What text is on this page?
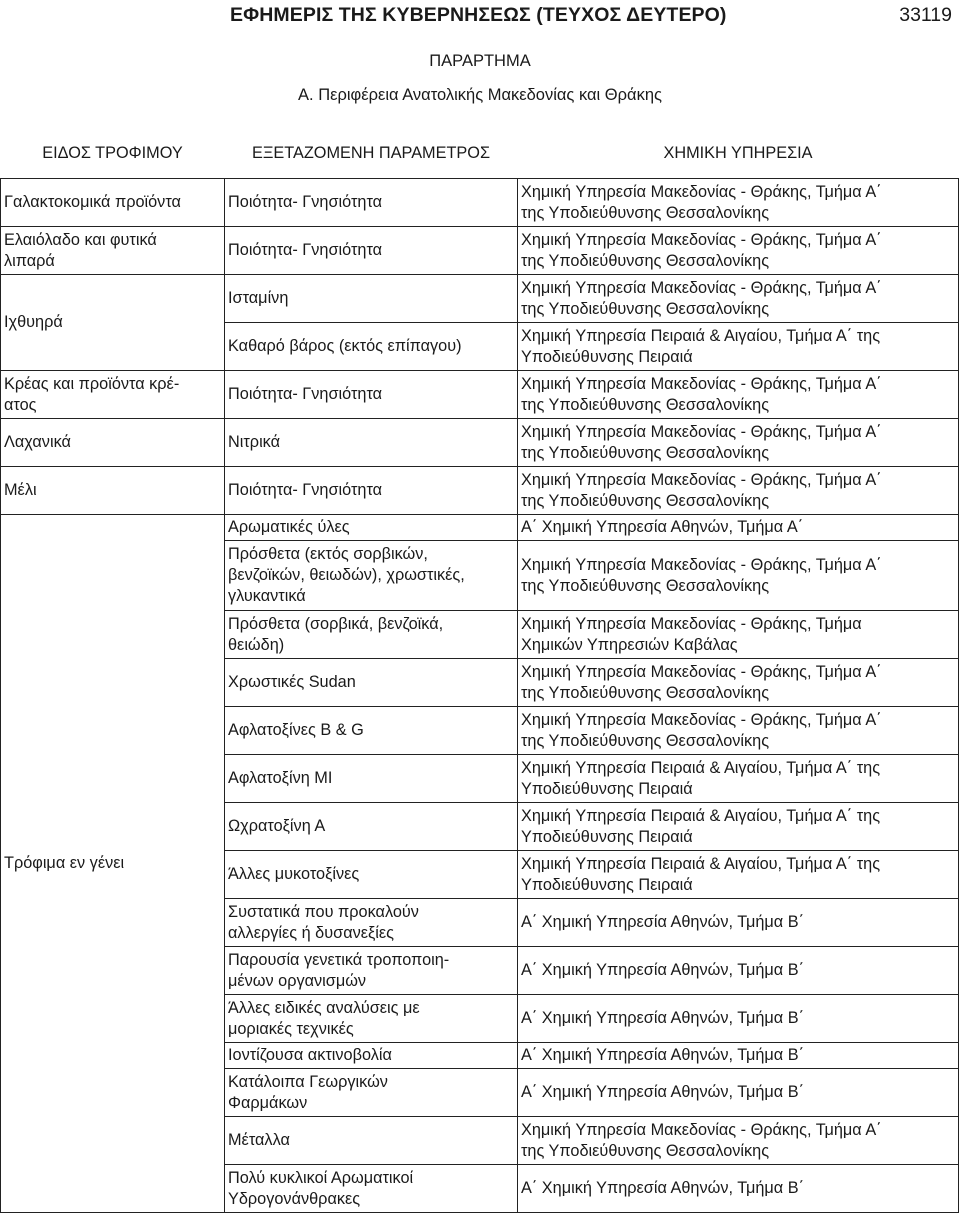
ΕΦΗΜΕΡΙΣ ΤΗΣ ΚΥΒΕΡΝΗΣΕΩΣ (ΤΕΥΧΟΣ ΔΕΥΤΕΡΟ)	33119
ΠΑΡΑΡΤΗΜΑ
Α. Περιφέρεια Ανατολικής Μακεδονίας και Θράκης
ΕΙΔΟΣ ΤΡΟΦΙΜΟΥ	ΕΞΕΤΑΖΟΜΕΝΗ ΠΑΡΑΜΕΤΡΟΣ	ΧΗΜΙΚΗ ΥΠΗΡΕΣΙΑ
Γαλακτοκομικά προϊόντα	Ποιότητα- Γνησιότητα	Χημική Υπηρεσία Μακεδονίας - Θράκης, Τμήμα Α΄
της Υποδιεύθυνσης Θεσσαλονίκης
Ελαιόλαδο και φυτικά
λιπαρά	Ποιότητα- Γνησιότητα	Χημική Υπηρεσία Μακεδονίας - Θράκης, Τμήμα Α΄
της Υποδιεύθυνσης Θεσσαλονίκης
Ιχθυηρά	Ισταμίνη	Χημική Υπηρεσία Μακεδονίας - Θράκης, Τμήμα Α΄
της Υποδιεύθυνσης Θεσσαλονίκης
	Καθαρό βάρος (εκτός επίπαγου)	Χημική Υπηρεσία Πειραιά & Αιγαίου, Τμήμα Α΄ της
Υποδιεύθυνσης Πειραιά
Κρέας και προϊόντα κρέ-
ατος	Ποιότητα- Γνησιότητα	Χημική Υπηρεσία Μακεδονίας - Θράκης, Τμήμα Α΄
της Υποδιεύθυνσης Θεσσαλονίκης
Λαχανικά	Νιτρικά	Χημική Υπηρεσία Μακεδονίας - Θράκης, Τμήμα Α΄
της Υποδιεύθυνσης Θεσσαλονίκης
Μέλι	Ποιότητα- Γνησιότητα	Χημική Υπηρεσία Μακεδονίας - Θράκης, Τμήμα Α΄
της Υποδιεύθυνσης Θεσσαλονίκης
Τρόφιμα εν γένει	Αρωματικές ύλες	Α΄ Χημική Υπηρεσία Αθηνών, Τμήμα Α΄
	Πρόσθετα (εκτός σορβικών,
βενζοϊκών, θειωδών), χρωστικές,
γλυκαντικά	Χημική Υπηρεσία Μακεδονίας - Θράκης, Τμήμα Α΄
της Υποδιεύθυνσης Θεσσαλονίκης
	Πρόσθετα (σορβικά, βενζοϊκά,
θειώδη)	Χημική Υπηρεσία Μακεδονίας - Θράκης, Τμήμα
Χημικών Υπηρεσιών Καβάλας
	Χρωστικές Sudan	Χημική Υπηρεσία Μακεδονίας - Θράκης, Τμήμα Α΄
της Υποδιεύθυνσης Θεσσαλονίκης
	Αφλατοξίνες Β & G	Χημική Υπηρεσία Μακεδονίας - Θράκης, Τμήμα Α΄
της Υποδιεύθυνσης Θεσσαλονίκης
	Αφλατοξίνη ΜΙ	Χημική Υπηρεσία Πειραιά & Αιγαίου, Τμήμα Α΄ της
Υποδιεύθυνσης Πειραιά
	Ωχρατοξίνη Α	Χημική Υπηρεσία Πειραιά & Αιγαίου, Τμήμα Α΄ της
Υποδιεύθυνσης Πειραιά
	Άλλες μυκοτοξίνες	Χημική Υπηρεσία Πειραιά & Αιγαίου, Τμήμα Α΄ της
Υποδιεύθυνσης Πειραιά
	Συστατικά που προκαλούν
αλλεργίες ή δυσανεξίες	Α΄ Χημική Υπηρεσία Αθηνών, Τμήμα Β΄
	Παρουσία γενετικά τροποποιη-
μένων οργανισμών	Α΄ Χημική Υπηρεσία Αθηνών, Τμήμα Β΄
	Άλλες ειδικές αναλύσεις με
μοριακές τεχνικές	Α΄ Χημική Υπηρεσία Αθηνών, Τμήμα Β΄
	Ιοντίζουσα ακτινοβολία	Α΄ Χημική Υπηρεσία Αθηνών, Τμήμα Β΄
	Κατάλοιπα Γεωργικών
Φαρμάκων	Α΄ Χημική Υπηρεσία Αθηνών, Τμήμα Β΄
	Μέταλλα	Χημική Υπηρεσία Μακεδονίας - Θράκης, Τμήμα Α΄
της Υποδιεύθυνσης Θεσσαλονίκης
	Πολύ κυκλικοί Αρωματικοί
Υδρογονάνθρακες	Α΄ Χημική Υπηρεσία Αθηνών, Τμήμα Β΄
